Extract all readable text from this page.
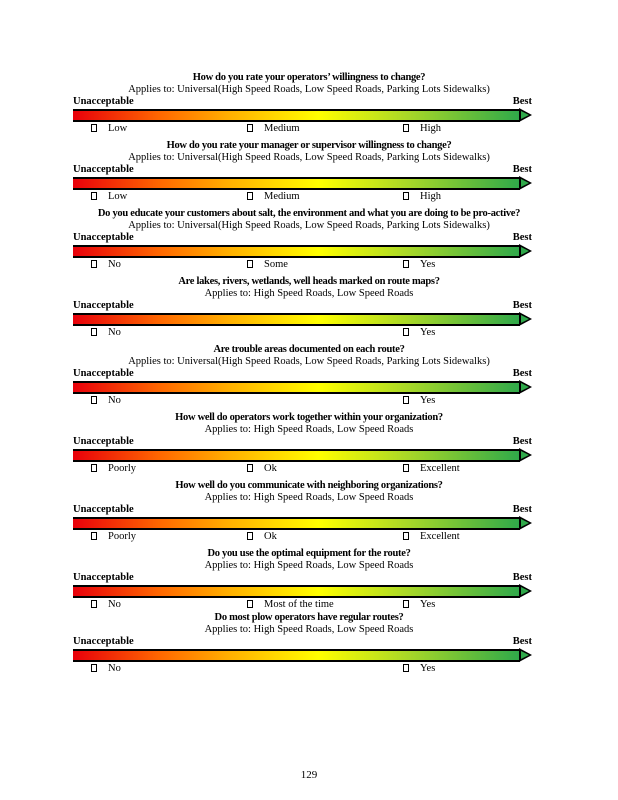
How do you rate your operators’ willingness to change?
Applies to: Universal(High Speed Roads, Low Speed Roads, Parking Lots Sidewalks)
Unacceptable	Best
Low	Medium	High
How do you rate your manager or supervisor willingness to change?
Applies to: Universal(High Speed Roads, Low Speed Roads, Parking Lots Sidewalks)
Unacceptable	Best
Low	Medium	High
Do you educate your customers about salt, the environment and what you are doing to be pro-active?
Applies to: Universal(High Speed Roads, Low Speed Roads, Parking Lots Sidewalks)
Unacceptable	Best
No	Some	Yes
Are lakes, rivers, wetlands, well heads marked on route maps?
Applies to: High Speed Roads, Low Speed Roads
Unacceptable	Best
No	Yes
Are trouble areas documented on each route?
Applies to: Universal(High Speed Roads, Low Speed Roads, Parking Lots Sidewalks)
Unacceptable	Best
No	Yes
How well do operators work together within your organization?
Applies to: High Speed Roads, Low Speed Roads
Unacceptable	Best
Poorly	Ok	Excellent
How well do you communicate with neighboring organizations?
Applies to: High Speed Roads, Low Speed Roads
Unacceptable	Best
Poorly	Ok	Excellent
Do you use the optimal equipment for the route?
Applies to: High Speed Roads, Low Speed Roads
Unacceptable	Best
No	Most of the time	Yes
Do most plow operators have regular routes?
Applies to: High Speed Roads, Low Speed Roads
Unacceptable	Best
No	Yes
129
